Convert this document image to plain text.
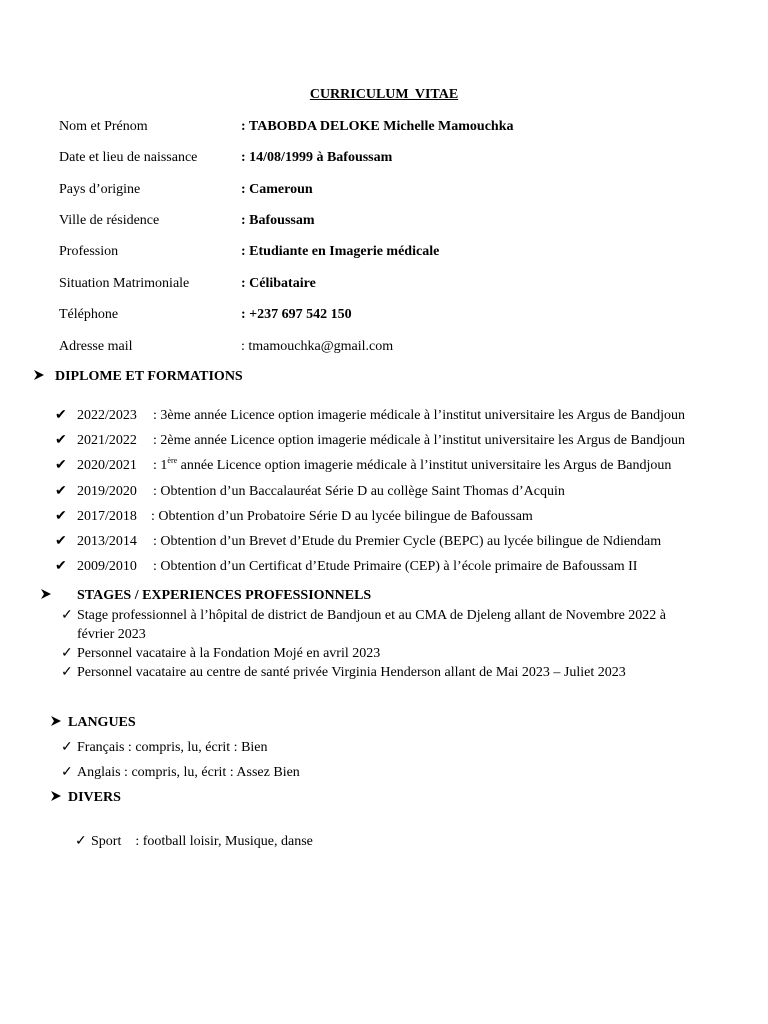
CURRICULUM VITAE
Nom et Prénom	: TABOBDA DELOKE Michelle Mamouchka
Date et lieu de naissance	: 14/08/1999 à Bafoussam
Pays d’origine	: Cameroun
Ville de résidence	: Bafoussam
Profession	: Etudiante en Imagerie médicale
Situation Matrimoniale	: Célibataire
Téléphone	: +237 697 542 150
Adresse mail	: tmamouchka@gmail.com
DIPLOME ET FORMATIONS
✔ 2022/2023 : 3ème année Licence option imagerie médicale à l’institut universitaire les Argus de Bandjoun
✔ 2021/2022 : 2ème année Licence option imagerie médicale à l’institut universitaire les Argus de Bandjoun
✔ 2020/2021 : 1ère année Licence option imagerie médicale à l’institut universitaire les Argus de Bandjoun
✔ 2019/2020 : Obtention d’un Baccalauréat Série D au collège Saint Thomas d’Acquin
✔ 2017/2018 : Obtention d’un Probatoire Série D au lycée bilingue de Bafoussam
✔ 2013/2014 : Obtention d’un Brevet d’Etude du Premier Cycle (BEPC) au lycée bilingue de Ndiendam
✔ 2009/2010 : Obtention d’un Certificat d’Etude Primaire (CEP) à l’école primaire de Bafoussam II
STAGES / EXPERIENCES PROFESSIONNELS
✓ Stage professionnel à l’hôpital de district de Bandjoun et au CMA de Djeleng allant de Novembre 2022 à
février 2023
✓ Personnel vacataire à la Fondation Mojé en avril 2023
✓ Personnel vacataire au centre de santé privée Virginia Henderson allant de Mai 2023 – Juliet 2023
LANGUES
✓ Français : compris, lu, écrit : Bien
✓ Anglais : compris, lu, écrit : Assez Bien
DIVERS

✓ Sport    : football loisir, Musique, danse
